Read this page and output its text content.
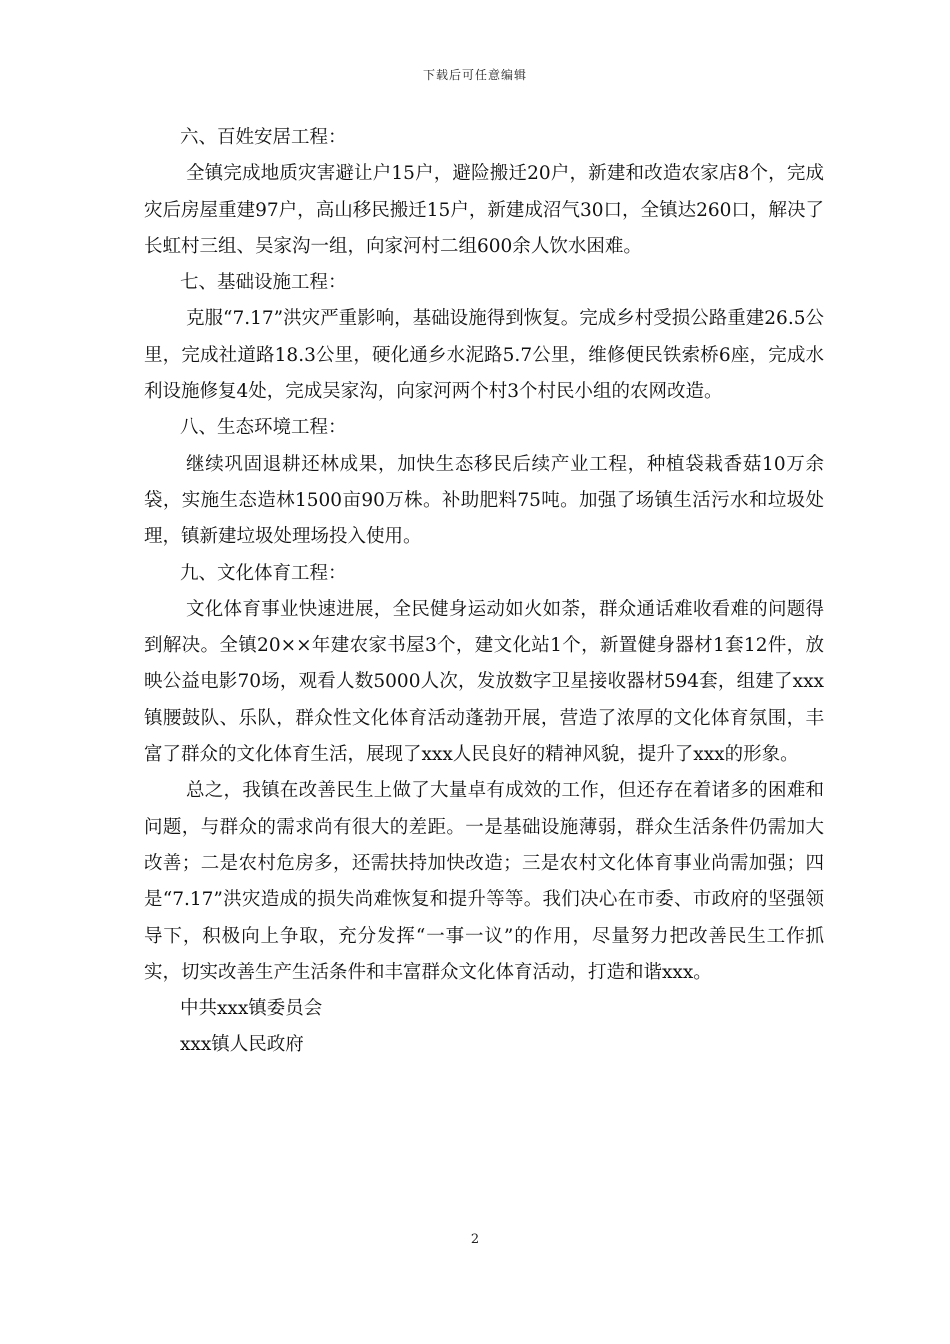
下载后可任意编辑

六、百姓安居工程：

全镇完成地质灾害避让户15户，避险搬迁20户，新建和改造农家店8个，完成灾后房屋重建97户，高山移民搬迁15户，新建成沼气30口，全镇达260口，解决了长虹村三组、吴家沟一组，向家河村二组600余人饮水困难。

七、基础设施工程：

克服“7.17”洪灾严重影响，基础设施得到恢复。完成乡村受损公路重建26.5公里，完成社道路18.3公里，硬化通乡水泥路5.7公里，维修便民铁索桥6座，完成水利设施修复4处，完成吴家沟，向家河两个村3个村民小组的农网改造。

八、生态环境工程：

继续巩固退耕还林成果，加快生态移民后续产业工程，种植袋栽香菇10万余袋，实施生态造林1500亩90万株。补助肥料75吨。加强了场镇生活污水和垃圾处理，镇新建垃圾处理场投入使用。

九、文化体育工程：

文化体育事业快速进展，全民健身运动如火如荼，群众通话难收看难的问题得到解决。全镇20××年建农家书屋3个，建文化站1个，新置健身器材1套12件，放映公益电影70场，观看人数5000人次，发放数字卫星接收器材594套，组建了xxx镇腰鼓队、乐队，群众性文化体育活动蓬勃开展，营造了浓厚的文化体育氛围，丰富了群众的文化体育生活，展现了xxx人民良好的精神风貌，提升了xxx的形象。

总之，我镇在改善民生上做了大量卓有成效的工作，但还存在着诸多的困难和问题，与群众的需求尚有很大的差距。一是基础设施薄弱，群众生活条件仍需加大改善；二是农村危房多，还需扶持加快改造；三是农村文化体育事业尚需加强；四是“7.17”洪灾造成的损失尚难恢复和提升等等。我们决心在市委、市政府的坚强领导下，积极向上争取，充分发挥“一事一议”的作用，尽量努力把改善民生工作抓实，切实改善生产生活条件和丰富群众文化体育活动，打造和谐xxx。

中共xxx镇委员会

xxx镇人民政府

2
